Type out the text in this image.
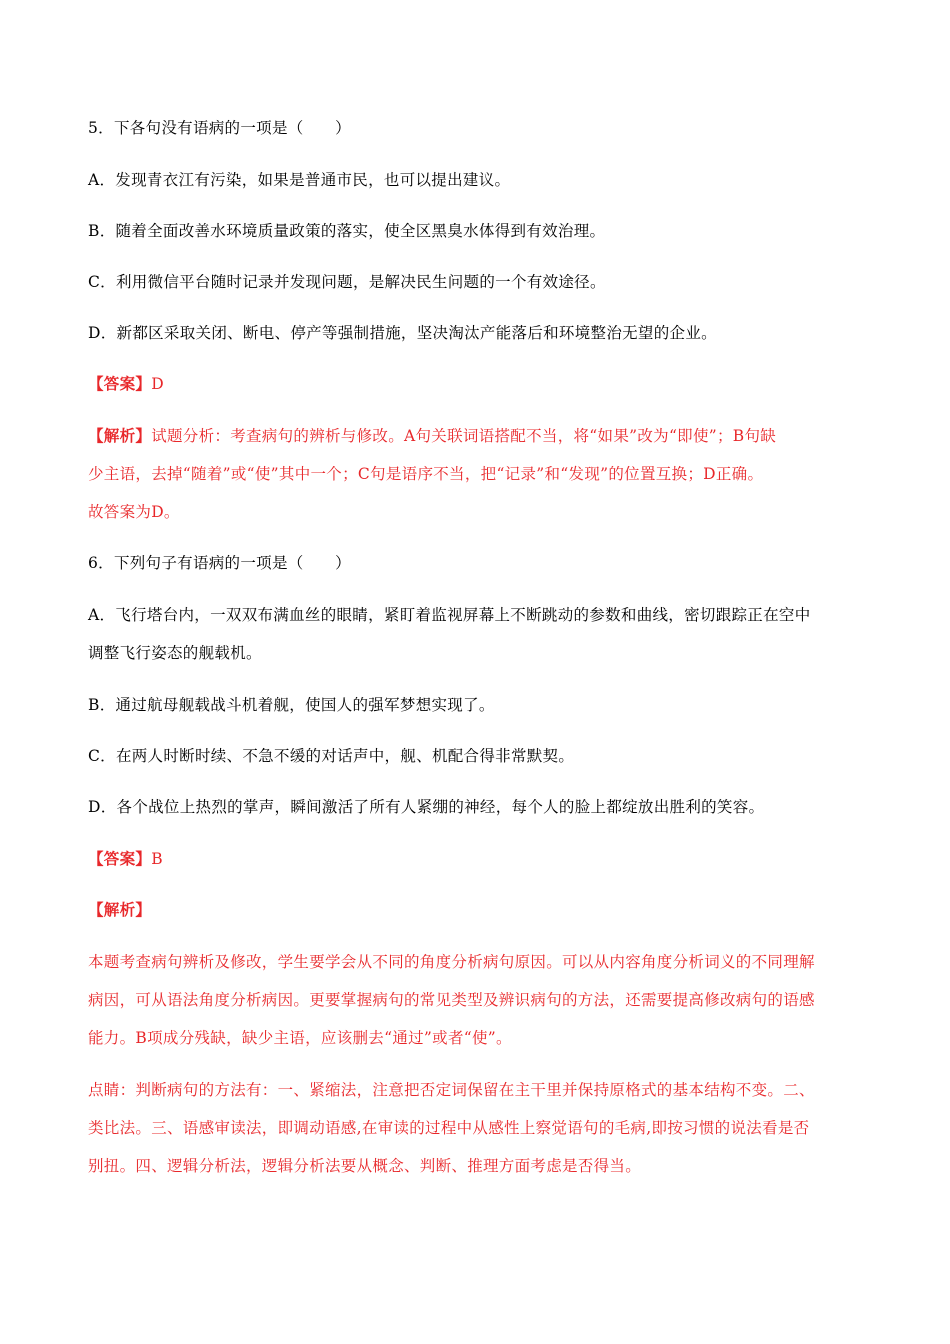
5．下各句没有语病的一项是（　　）
A．发现青衣江有污染，如果是普通市民，也可以提出建议。
B．随着全面改善水环境质量政策的落实，使全区黑臭水体得到有效治理。
C．利用微信平台随时记录并发现问题，是解决民生问题的一个有效途径。
D．新都区采取关闭、断电、停产等强制措施，坚决淘汰产能落后和环境整治无望的企业。
【答案】D
【解析】试题分析：考查病句的辨析与修改。A句关联词语搭配不当，将“如果”改为“即使”；B句缺
少主语，去掉“随着”或“使”其中一个；C句是语序不当，把“记录”和“发现”的位置互换；D正确。
故答案为D。
6．下列句子有语病的一项是（　　）
A．飞行塔台内，一双双布满血丝的眼睛，紧盯着监视屏幕上不断跳动的参数和曲线，密切跟踪正在空中
调整飞行姿态的舰载机。
B．通过航母舰载战斗机着舰，使国人的强军梦想实现了。
C．在两人时断时续、不急不缓的对话声中，舰、机配合得非常默契。
D．各个战位上热烈的掌声，瞬间激活了所有人紧绷的神经，每个人的脸上都绽放出胜利的笑容。
【答案】B
【解析】
本题考查病句辨析及修改，学生要学会从不同的角度分析病句原因。可以从内容角度分析词义的不同理解
病因，可从语法角度分析病因。更要掌握病句的常见类型及辨识病句的方法，还需要提高修改病句的语感
能力。B项成分残缺，缺少主语，应该删去“通过”或者“使”。
点睛：判断病句的方法有：一、紧缩法，注意把否定词保留在主干里并保持原格式的基本结构不变。二、
类比法。三、语感审读法，即调动语感,在审读的过程中从感性上察觉语句的毛病,即按习惯的说法看是否
别扭。四、逻辑分析法，逻辑分析法要从概念、判断、推理方面考虑是否得当。
